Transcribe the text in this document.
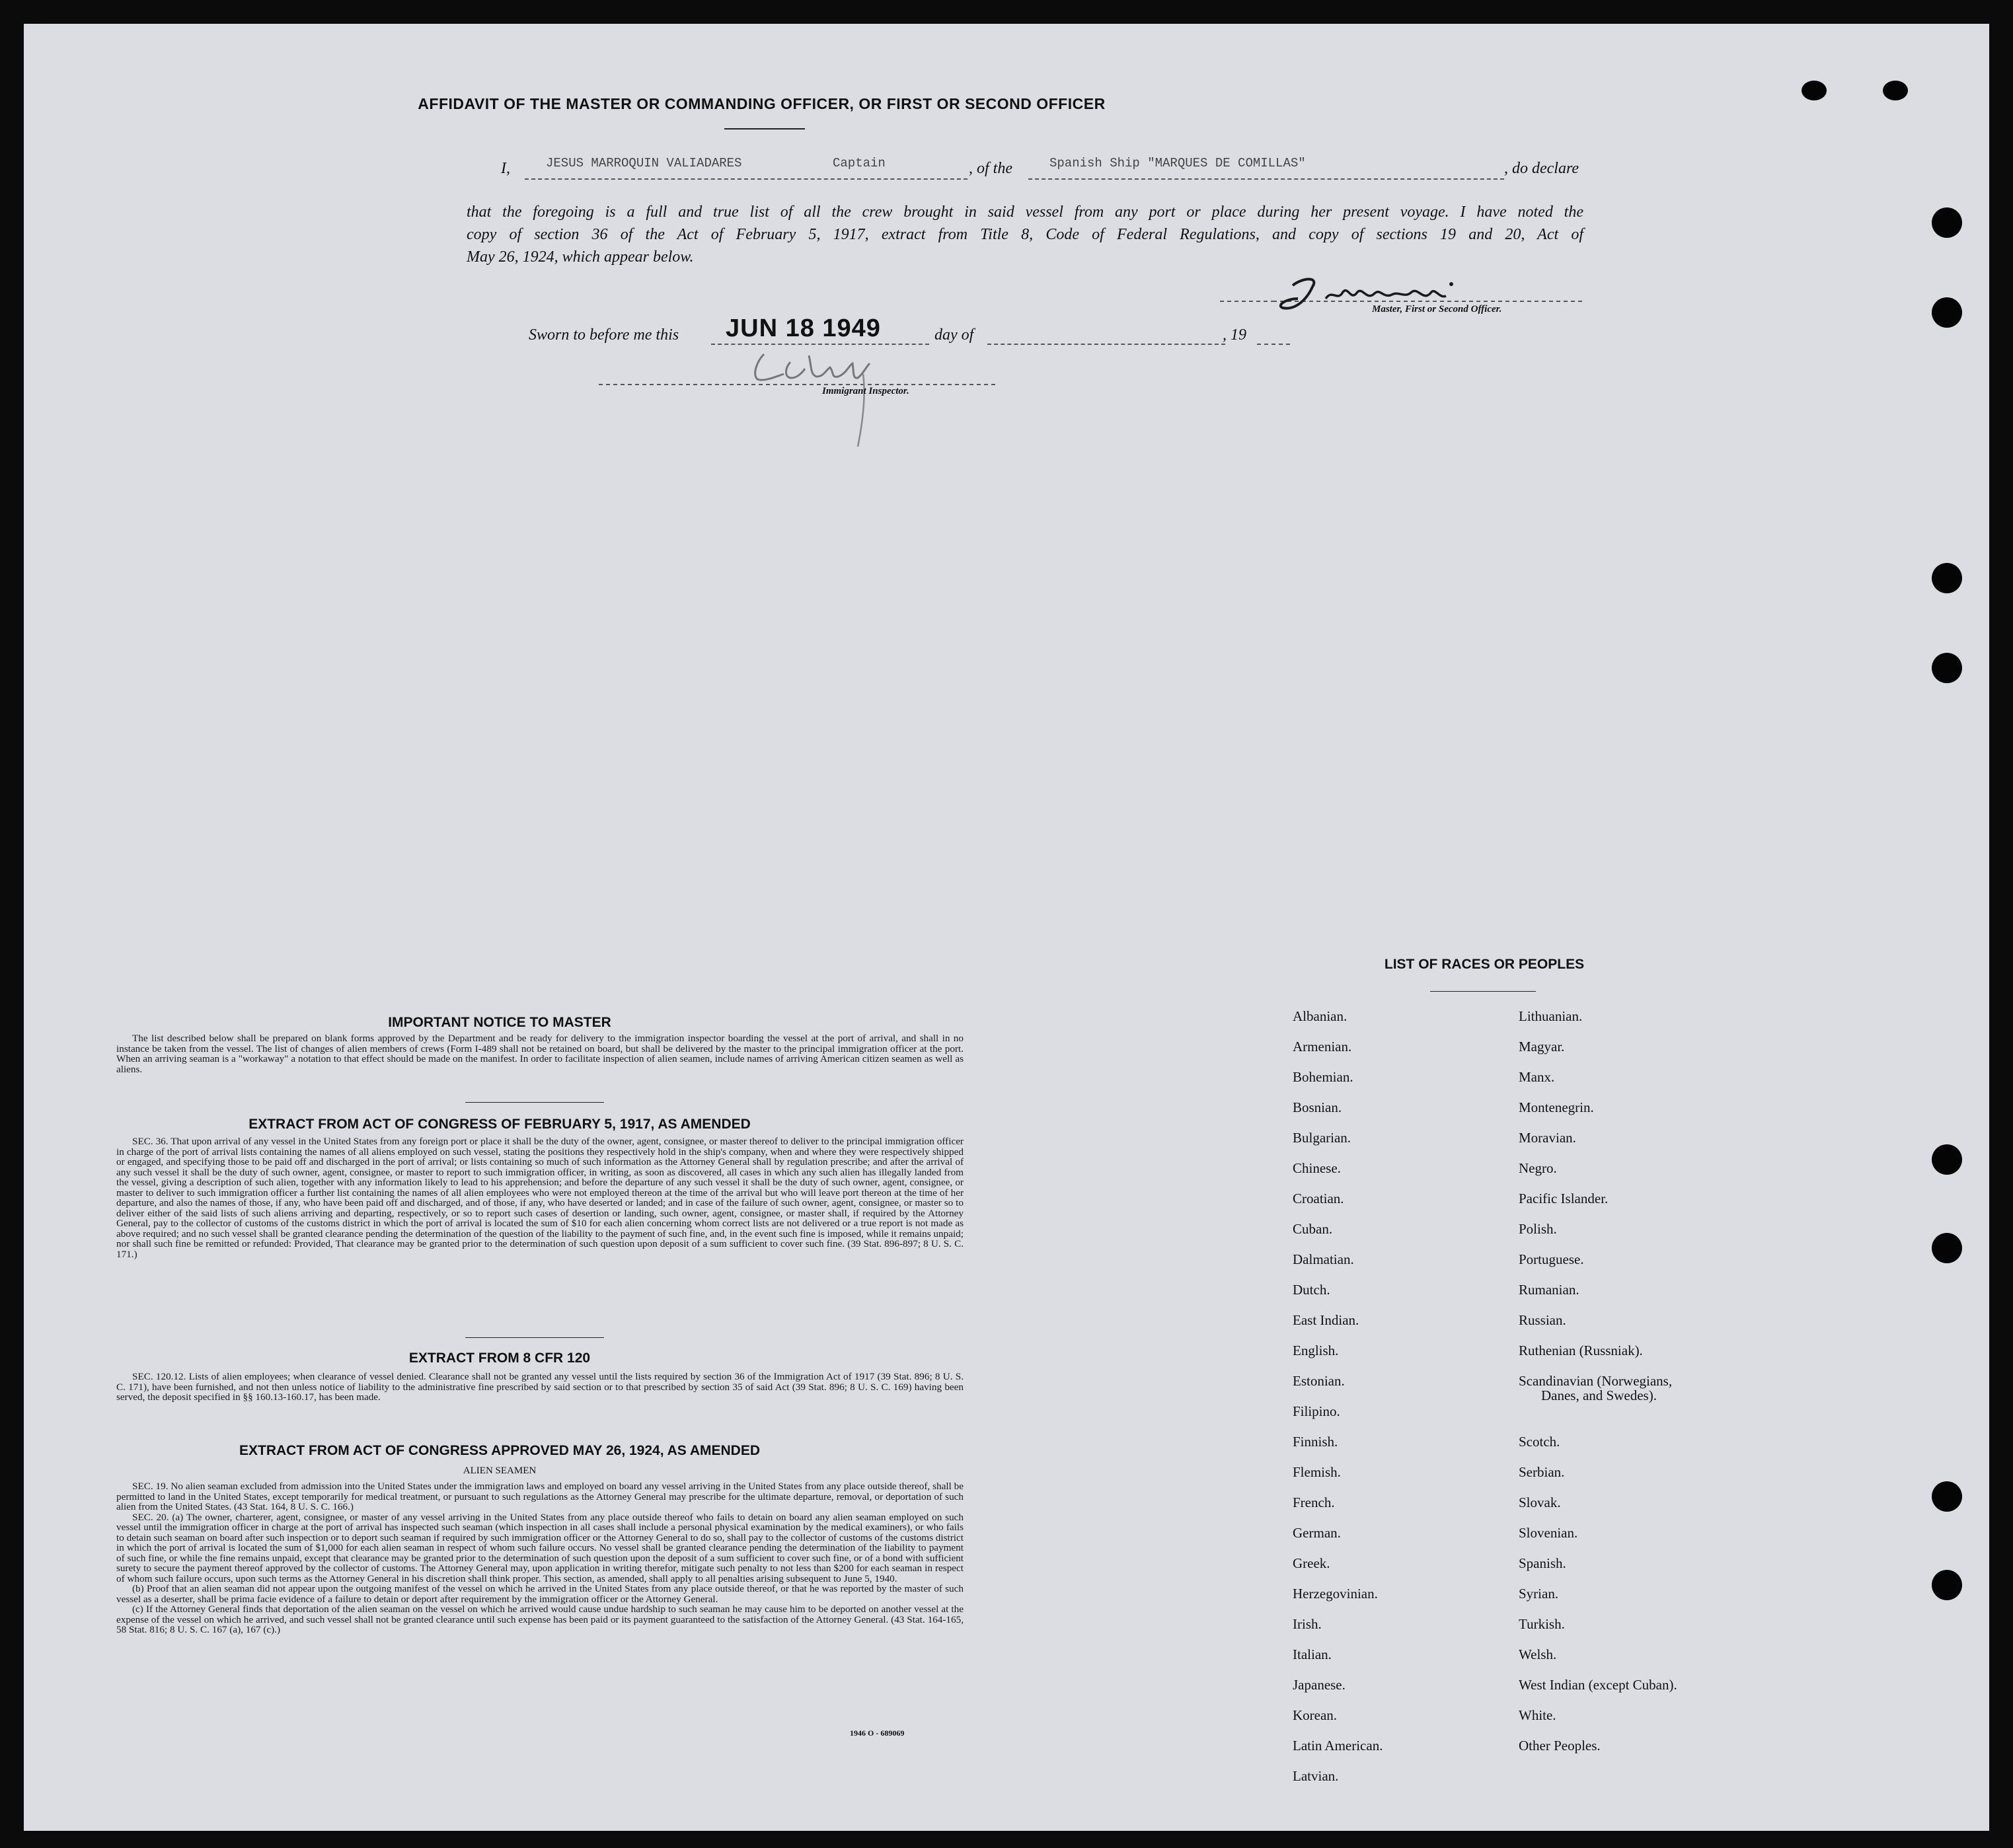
AFFIDAVIT OF THE MASTER OR COMMANDING OFFICER, OR FIRST OR SECOND OFFICER
I,	JESUS MARROQUIN VALIADARES	Captain	, of the	Spanish Ship "MARQUES DE COMILLAS"	, do declare
that the foregoing is a full and true list of all the crew brought in said vessel from any port or place during her present voyage. I have noted the
copy of section 36 of the Act of February 5, 1917, extract from Title 8, Code of Federal Regulations, and copy of sections 19 and 20, Act of
May 26, 1924, which appear below.
Master, First or Second Officer.
Sworn to before me this JUN 18 1949	day of	, 19
Immigrant Inspector.
IMPORTANT NOTICE TO MASTER

The list described below shall be prepared on blank forms approved by the Department and be ready for delivery to the immigration inspector boarding the vessel at the port of arrival, and shall in no instance be taken from the vessel. The list of changes of alien members of crews (Form I-489 shall not be retained on board, but shall be delivered by the master to the principal immigration officer at the port. When an arriving seaman is a "workaway" a notation to that effect should be made on the manifest. In order to facilitate inspection of alien seamen, include names of arriving American citizen seamen as well as aliens.

EXTRACT FROM ACT OF CONGRESS OF FEBRUARY 5, 1917, AS AMENDED

SEC. 36. That upon arrival of any vessel in the United States from any foreign port or place it shall be the duty of the owner, agent, consignee, or master thereof to deliver to the principal immigration officer in charge of the port of arrival lists containing the names of all aliens employed on such vessel, stating the positions they respectively hold in the ship's company, when and where they were respectively shipped or engaged, and specifying those to be paid off and discharged in the port of arrival; or lists containing so much of such information as the Attorney General shall by regulation prescribe; and after the arrival of any such vessel it shall be the duty of such owner, agent, consignee, or master to report to such immigration officer, in writing, as soon as discovered, all cases in which any such alien has illegally landed from the vessel, giving a description of such alien, together with any information likely to lead to his apprehension; and before the departure of any such vessel it shall be the duty of such owner, agent, consignee, or master to deliver to such immigration officer a further list containing the names of all alien employees who were not employed thereon at the time of the arrival but who will leave port thereon at the time of her departure, and also the names of those, if any, who have been paid off and discharged, and of those, if any, who have deserted or landed; and in case of the failure of such owner, agent, consignee, or master so to deliver either of the said lists of such aliens arriving and departing, respectively, or so to report such cases of desertion or landing, such owner, agent, consignee, or master shall, if required by the Attorney General, pay to the collector of customs of the customs district in which the port of arrival is located the sum of $10 for each alien concerning whom correct lists are not delivered or a true report is not made as above required; and no such vessel shall be granted clearance pending the determination of the question of the liability to the payment of such fine, and, in the event such fine is imposed, while it remains unpaid; nor shall such fine be remitted or refunded: Provided, That clearance may be granted prior to the determination of such question upon deposit of a sum sufficient to cover such fine. (39 Stat. 896-897; 8 U. S. C. 171.)

EXTRACT FROM 8 CFR 120

SEC. 120.12. Lists of alien employees; when clearance of vessel denied. Clearance shall not be granted any vessel until the lists required by section 36 of the Immigration Act of 1917 (39 Stat. 896; 8 U. S. C. 171), have been furnished, and not then unless notice of liability to the administrative fine prescribed by said section or to that prescribed by section 35 of said Act (39 Stat. 896; 8 U. S. C. 169) having been served, the deposit specified in §§ 160.13-160.17, has been made.

EXTRACT FROM ACT OF CONGRESS APPROVED MAY 26, 1924, AS AMENDED
ALIEN SEAMEN

SEC. 19. No alien seaman excluded from admission into the United States under the immigration laws and employed on board any vessel arriving in the United States from any place outside thereof, shall be permitted to land in the United States, except temporarily for medical treatment, or pursuant to such regulations as the Attorney General may prescribe for the ultimate departure, removal, or deportation of such alien from the United States. (43 Stat. 164, 8 U. S. C. 166.)

SEC. 20. (a) The owner, charterer, agent, consignee, or master of any vessel arriving in the United States from any place outside thereof who fails to detain on board any alien seaman employed on such vessel until the immigration officer in charge at the port of arrival has inspected such seaman (which inspection in all cases shall include a personal physical examination by the medical examiners), or who fails to detain such seaman on board after such inspection or to deport such seaman if required by such immigration officer or the Attorney General to do so, shall pay to the collector of customs of the customs district in which the port of arrival is located the sum of $1,000 for each alien seaman in respect of whom such failure occurs. No vessel shall be granted clearance pending the determination of the liability to payment of such fine, or while the fine remains unpaid, except that clearance may be granted prior to the determination of such question upon the deposit of a sum sufficient to cover such fine, or of a bond with sufficient surety to secure the payment thereof approved by the collector of customs. The Attorney General may, upon application in writing therefor, mitigate such penalty to not less than $200 for each seaman in respect of whom such failure occurs, upon such terms as the Attorney General in his discretion shall think proper. This section, as amended, shall apply to all penalties arising subsequent to June 5, 1940.

(b) Proof that an alien seaman did not appear upon the outgoing manifest of the vessel on which he arrived in the United States from any place outside thereof, or that he was reported by the master of such vessel as a deserter, shall be prima facie evidence of a failure to detain or deport after requirement by the immigration officer or the Attorney General.

(c) If the Attorney General finds that deportation of the alien seaman on the vessel on which he arrived would cause undue hardship to such seaman he may cause him to be deported on another vessel at the expense of the vessel on which he arrived, and such vessel shall not be granted clearance until such expense has been paid or its payment guaranteed to the satisfaction of the Attorney General. (43 Stat. 164-165, 58 Stat. 816; 8 U. S. C. 167 (a), 167 (c).)

1946 O - 689069
LIST OF RACES OR PEOPLES
Albanian.
Armenian.
Bohemian.
Bosnian.
Bulgarian.
Chinese.
Croatian.
Cuban.
Dalmatian.
Dutch.
East Indian.
English.
Estonian.
Filipino.
Finnish.
Flemish.
French.
German.
Greek.
Herzegovinian.
Irish.
Italian.
Japanese.
Korean.
Latin American.
Latvian.
Lithuanian.
Magyar.
Manx.
Montenegrin.
Moravian.
Negro.
Pacific Islander.
Polish.
Portuguese.
Rumanian.
Russian.
Ruthenian (Russniak).
Scandinavian (Norwegians,
Danes, and Swedes).
Scotch.
Serbian.
Slovak.
Slovenian.
Spanish.
Syrian.
Turkish.
Welsh.
West Indian (except Cuban).
White.
Other Peoples.
